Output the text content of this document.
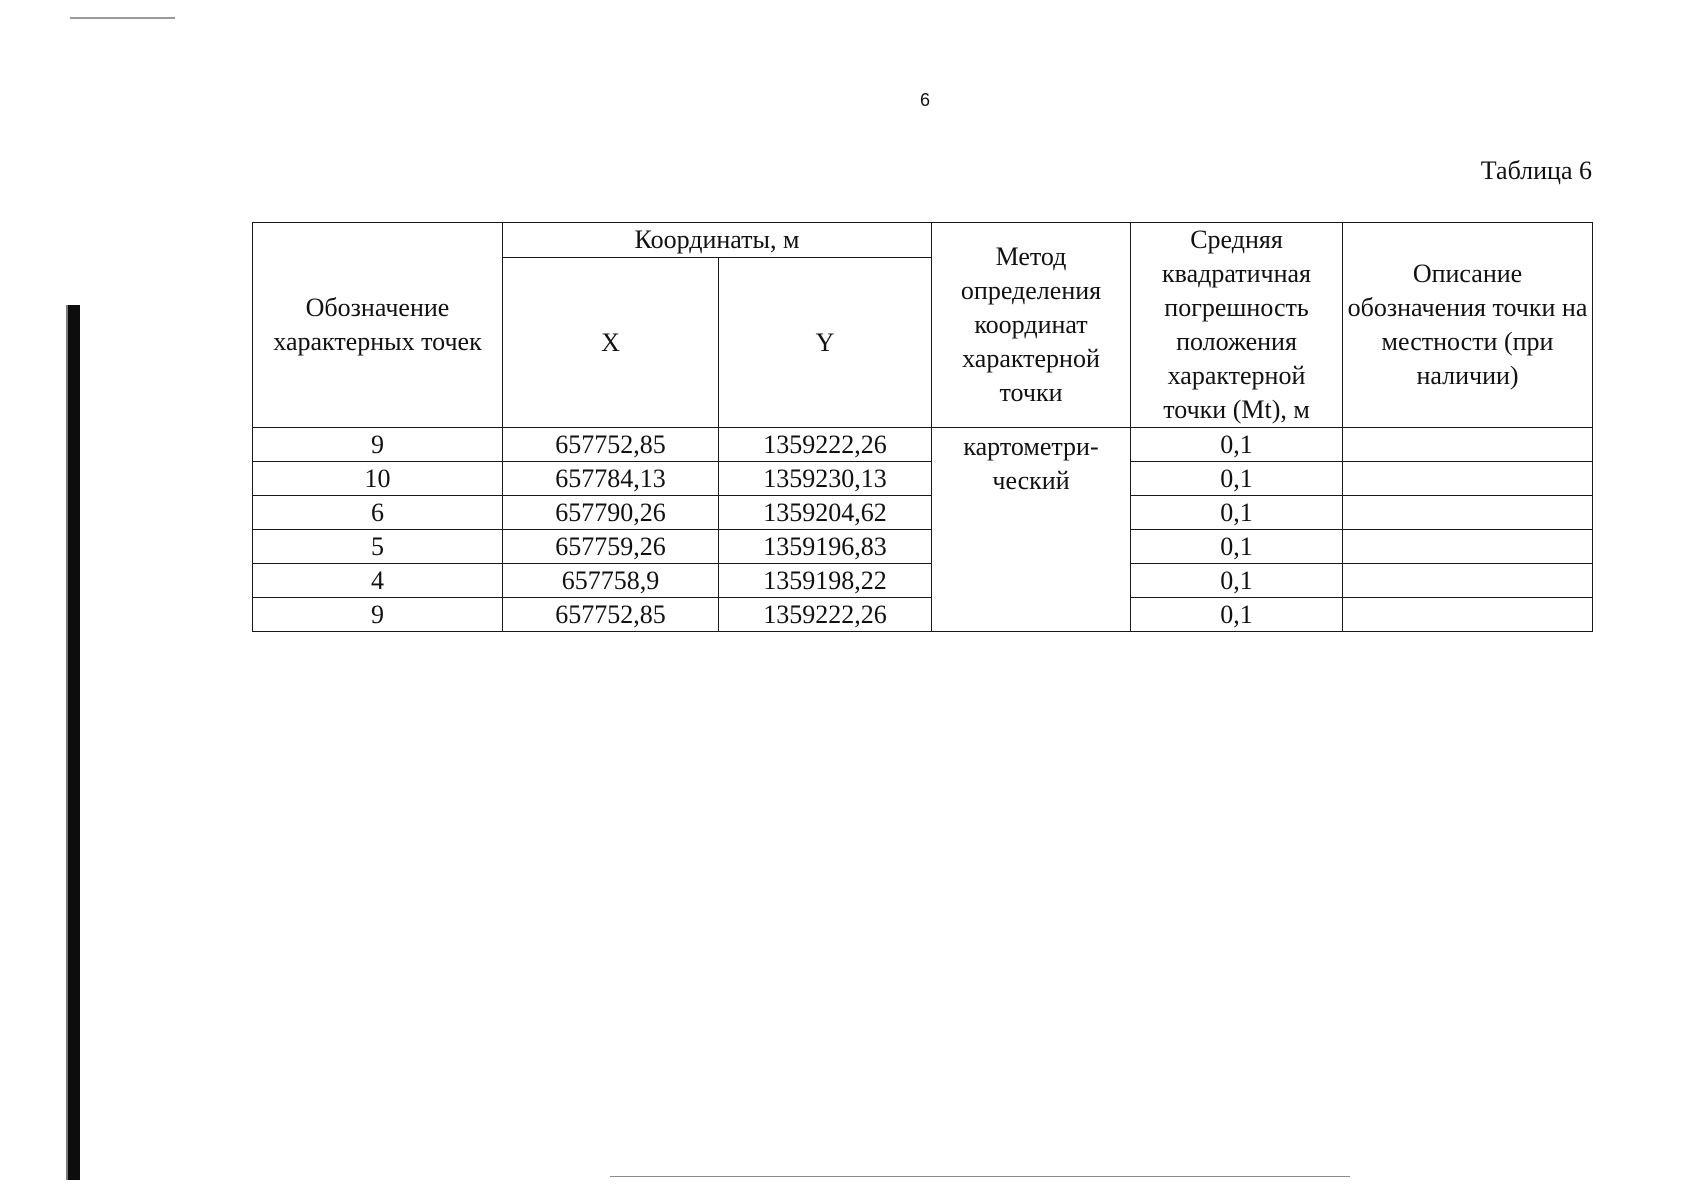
6
Таблица 6
Обозначение характерных точек	Координаты, м		Метод определения координат характерной точки	Средняя квадратичная погрешность положения характерной точки (Mt), м	Описание обозначения точки на местности (при наличии)
	X	Y			
9	657752,85	1359222,26	картометри-ческий	0,1	
10	657784,13	1359230,13		0,1	
6	657790,26	1359204,62		0,1	
5	657759,26	1359196,83		0,1	
4	657758,9	1359198,22		0,1	
9	657752,85	1359222,26		0,1	
